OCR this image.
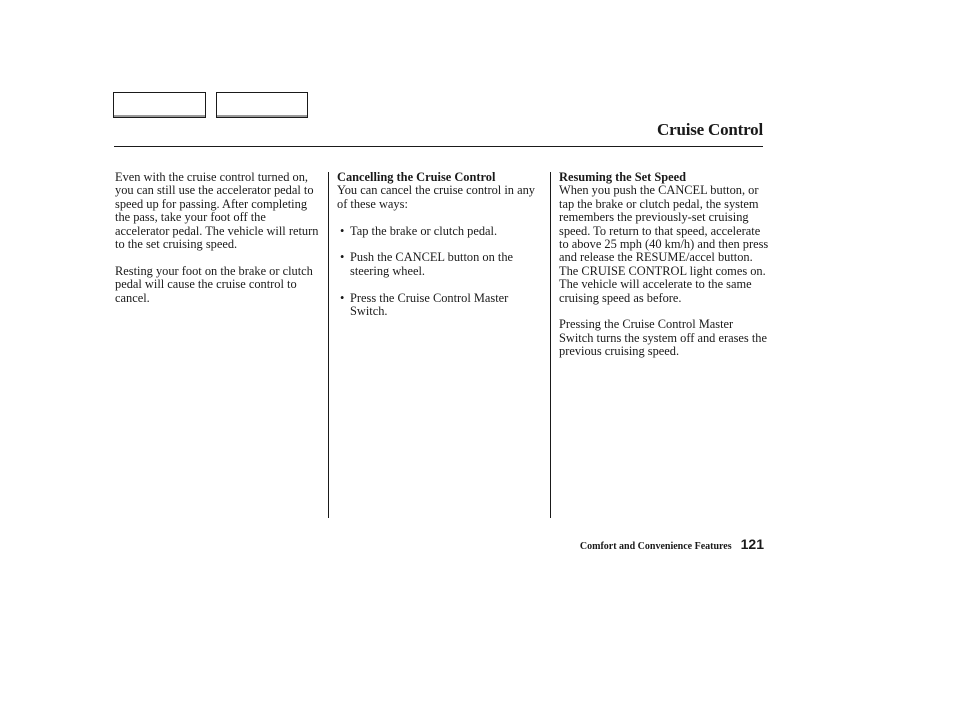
Cruise Control

Even with the cruise control turned on, you can still use the accelerator pedal to speed up for passing. After completing the pass, take your foot off the accelerator pedal. The vehicle will return to the set cruising speed.

Resting your foot on the brake or clutch pedal will cause the cruise control to cancel.

Cancelling the Cruise Control

You can cancel the cruise control in any of these ways:

• Tap the brake or clutch pedal.
• Push the CANCEL button on the steering wheel.
• Press the Cruise Control Master Switch.

Resuming the Set Speed

When you push the CANCEL button, or tap the brake or clutch pedal, the system remembers the previously-set cruising speed. To return to that speed, accelerate to above 25 mph (40 km/h) and then press and release the RESUME/accel button. The CRUISE CONTROL light comes on. The vehicle will accelerate to the same cruising speed as before.

Pressing the Cruise Control Master Switch turns the system off and erases the previous cruising speed.

Comfort and Convenience Features 121
